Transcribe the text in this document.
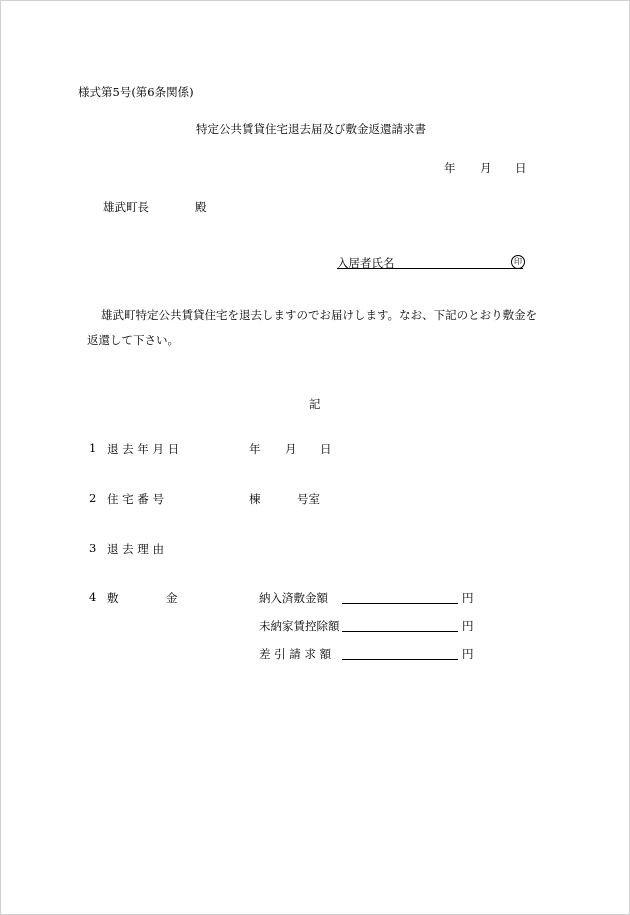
様式第5号(第6条関係)
特定公共賃貸住宅退去届及び敷金返還請求書
年 月 日
雄武町長	殿
入居者氏名	印
雄武町特定公共賃貸住宅を退去しますのでお届けします。なお、下記のとおり敷金を
返還して下さい。
記
1 退 去 年 月 日	年 月 日
2 住 宅 番 号	棟	号室
3 退 去 理 由
4 敷	金	納入済敷金額	円
未納家賃控除額	円
差 引 請 求 額	円
